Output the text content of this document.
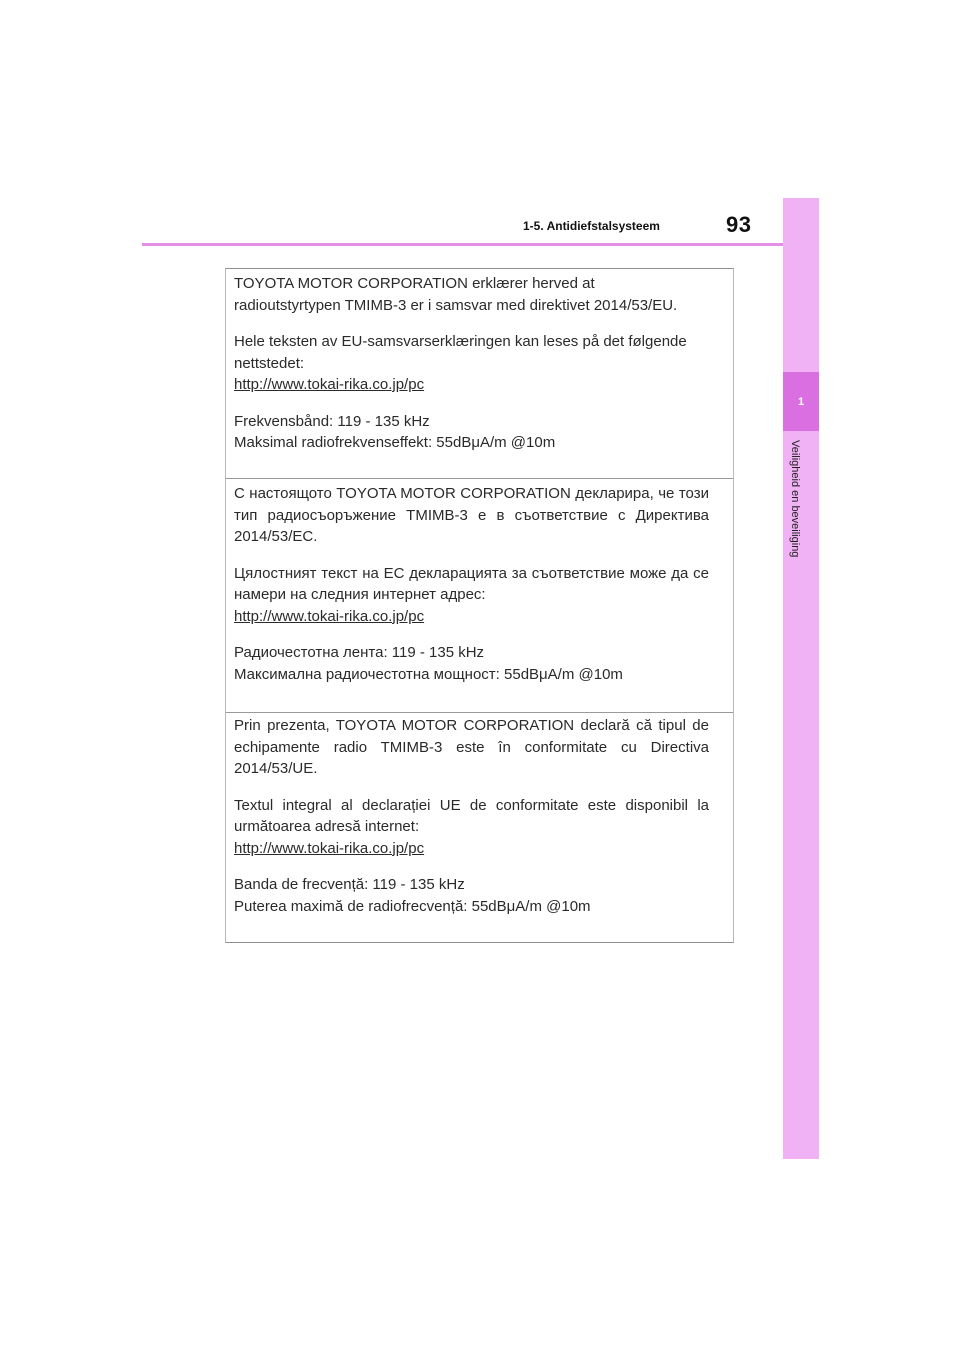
1-5. Antidiefstalsysteem	93
1
Veiligheid en beveiliging

TOYOTA MOTOR CORPORATION erklærer herved at

radioutstyrtypen TMIMB-3 er i samsvar med direktivet 2014/53/EU.

Hele teksten av EU-samsvarserklæringen kan leses på det følgende nettstedet:

http://www.tokai-rika.co.jp/pc

Frekvensbånd: 119 - 135 kHz

Maksimal radiofrekvenseffekt: 55dBμA/m @10m

С настоящото TOYOTA MOTOR CORPORATION декларира, че този тип радиосъоръжение TMIMB-3 е в съответствие с Директива 2014/53/ЕС.

Цялостният текст на ЕС декларацията за съответствие може да се намери на следния интернет адрес:

http://www.tokai-rika.co.jp/pc

Радиочестотна лента: 119 - 135 kHz

Максимална радиочестотна мощност: 55dBμA/m @10m

Prin prezenta, TOYOTA MOTOR CORPORATION declară că tipul de echipamente radio TMIMB-3 este în conformitate cu Directiva 2014/53/UE.

Textul integral al declarației UE de conformitate este disponibil la următoarea adresă internet:

http://www.tokai-rika.co.jp/pc

Banda de frecvență: 119 - 135 kHz

Puterea maximă de radiofrecvență: 55dBμA/m @10m
